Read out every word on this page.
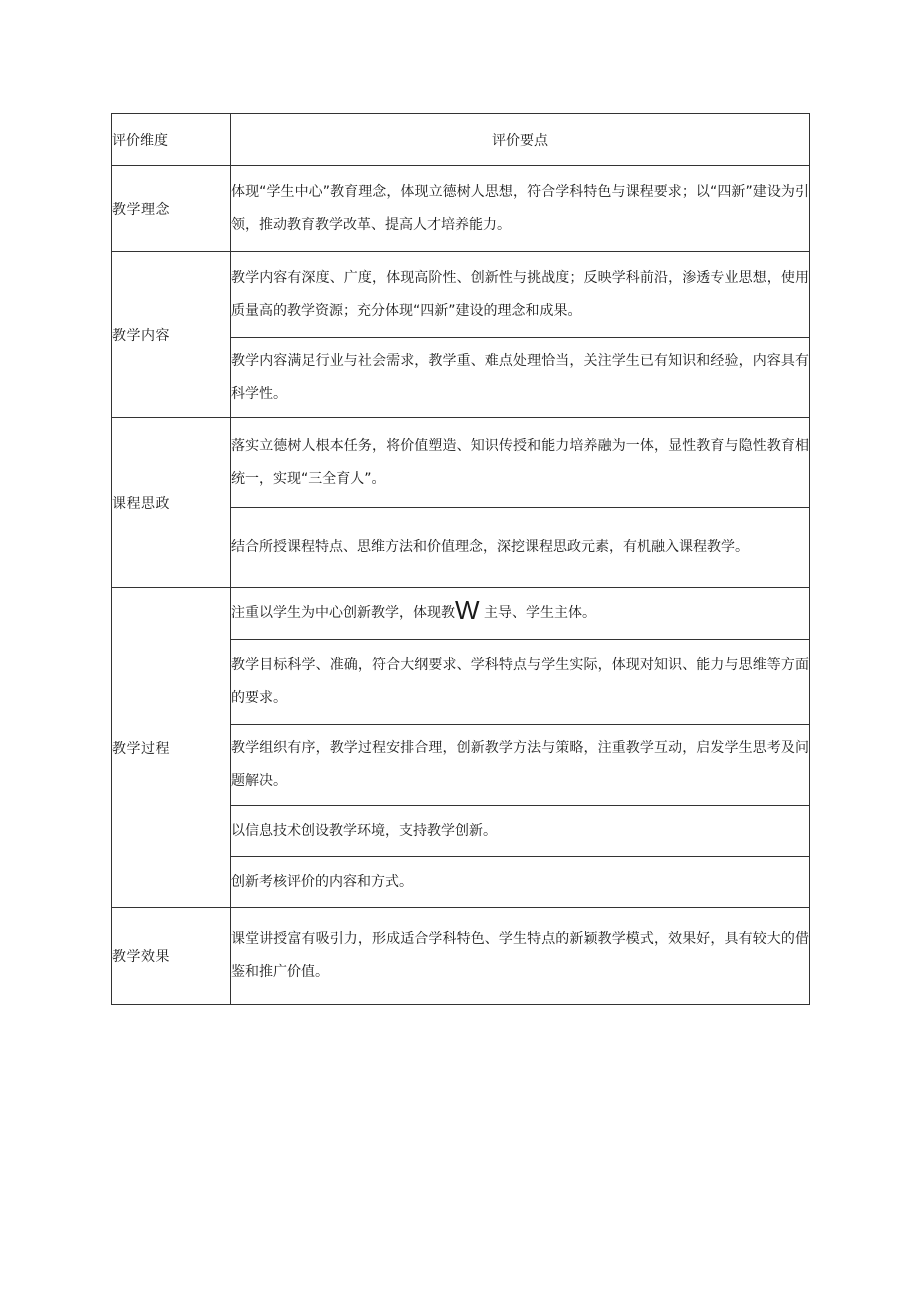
评价维度	评价要点
教学理念	体现“学生中心”教育理念，体现立德树人思想，符合学科特色与课程要求；以“四新”建设为引领，推动教育教学改革、提高人才培养能力。
教学内容	教学内容有深度、广度，体现高阶性、创新性与挑战度；反映学科前沿，渗透专业思想，使用质量高的教学资源；充分体现“四新”建设的理念和成果。
	教学内容满足行业与社会需求，教学重、难点处理恰当，关注学生已有知识和经验，内容具有科学性。
课程思政	落实立德树人根本任务，将价值塑造、知识传授和能力培养融为一体，显性教育与隐性教育相统一，实现“三全育人”。
	结合所授课程特点、思维方法和价值理念，深挖课程思政元素，有机融入课程教学。

教学过程	注重以学生为中心创新教学，体现教W 主导、学生主体。
	教学目标科学、准确，符合大纲要求、学科特点与学生实际，体现对知识、能力与思维等方面的要求。
	教学组织有序，教学过程安排合理，创新教学方法与策略，注重教学互动，启发学生思考及问题解决。
	以信息技术创设教学环境，支持教学创新。
	创新考核评价的内容和方式。
教学效果	课堂讲授富有吸引力，形成适合学科特色、学生特点的新颖教学模式，效果好，具有较大的借鉴和推广价值。
